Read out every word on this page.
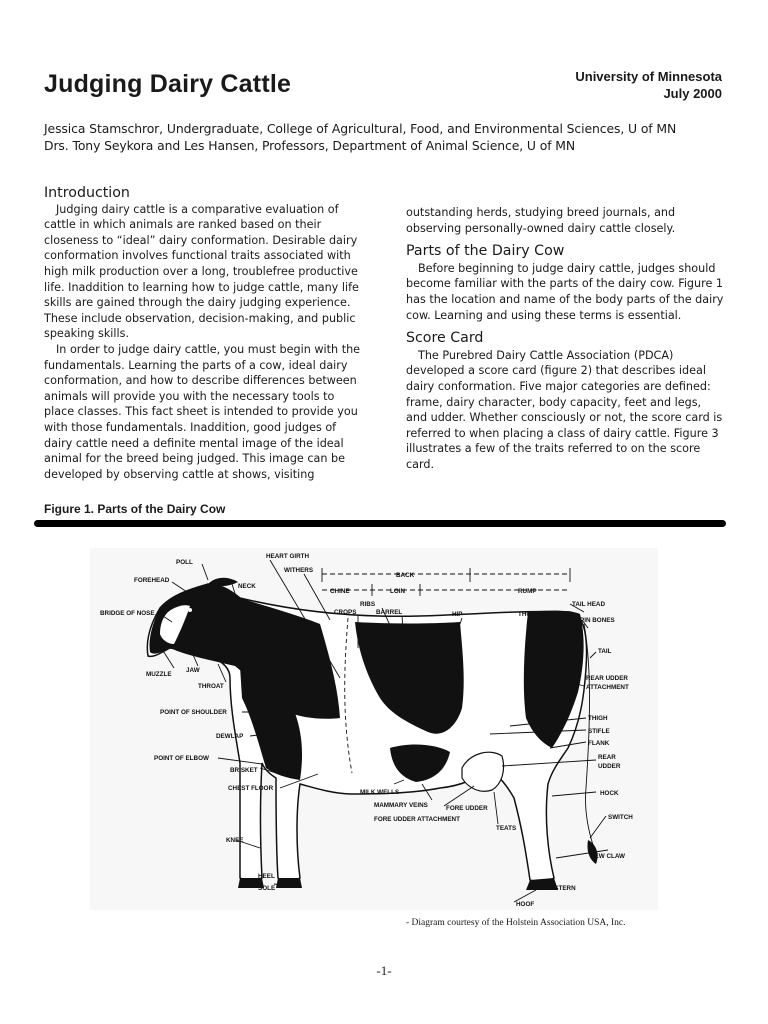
Judging Dairy Cattle	University of Minnesota
July 2000
Jessica Stamschror, Undergraduate, College of Agricultural, Food, and Environmental Sciences, U of MN
Drs. Tony Seykora and Les Hansen, Professors, Department of Animal Science, U of MN
Introduction

Judging dairy cattle is a comparative evaluation of cattle in which animals are ranked based on their closeness to “ideal” dairy conformation. Desirable dairy conformation involves functional traits associated with high milk production over a long, troublefree productive life. Inaddition to learning how to judge cattle, many life skills are gained through the dairy judging experience. These include observation, decision-making, and public speaking skills.

In order to judge dairy cattle, you must begin with the fundamentals. Learning the parts of a cow, ideal dairy conformation, and how to describe differences between animals will provide you with the necessary tools to place classes. This fact sheet is intended to provide you with those fundamentals. Inaddition, good judges of dairy cattle need a definite mental image of the ideal animal for the breed being judged. This image can be developed by observing cattle at shows, visiting

outstanding herds, studying breed journals, and observing personally-owned dairy cattle closely.

Parts of the Dairy Cow

Before beginning to judge dairy cattle, judges should become familiar with the parts of the dairy cow. Figure 1 has the location and name of the body parts of the dairy cow. Learning and using these terms is essential.

Score Card

The Purebred Dairy Cattle Association (PDCA) developed a score card (figure 2) that describes ideal dairy conformation. Five major categories are defined: frame, dairy character, body capacity, feet and legs, and udder. Whether consciously or not, the score card is referred to when placing a class of dairy cattle. Figure 3 illustrates a few of the traits referred to on the score card.

Figure 1. Parts of the Dairy Cow
POLL
FOREHEAD
BRIDGE OF NOSE
MUZZLE
JAW
THROAT
NECK
HEART GIRTH
WITHERS
BACK
RUMP
CHINE	LOIN
CROPS
RIBS
BARREL	HIP	THURL
TAIL HEAD
PIN BONES
TAIL
REAR UDDER
ATTACHMENT
THIGH
STIFLE
FLANK
REAR
UDDER
HOCK
SWITCH
DEW CLAW
PASTERN
HOOF
TEATS
FORE UDDER
FORE UDDER ATTACHMENT
MAMMARY VEINS
MILK WELLS
POINT OF SHOULDER
DEWLAP
POINT OF ELBOW
BRISKET
CHEST FLOOR
KNEE
HEEL
SOLE
- Diagram courtesy of the Holstein Association USA, Inc.
-1-
